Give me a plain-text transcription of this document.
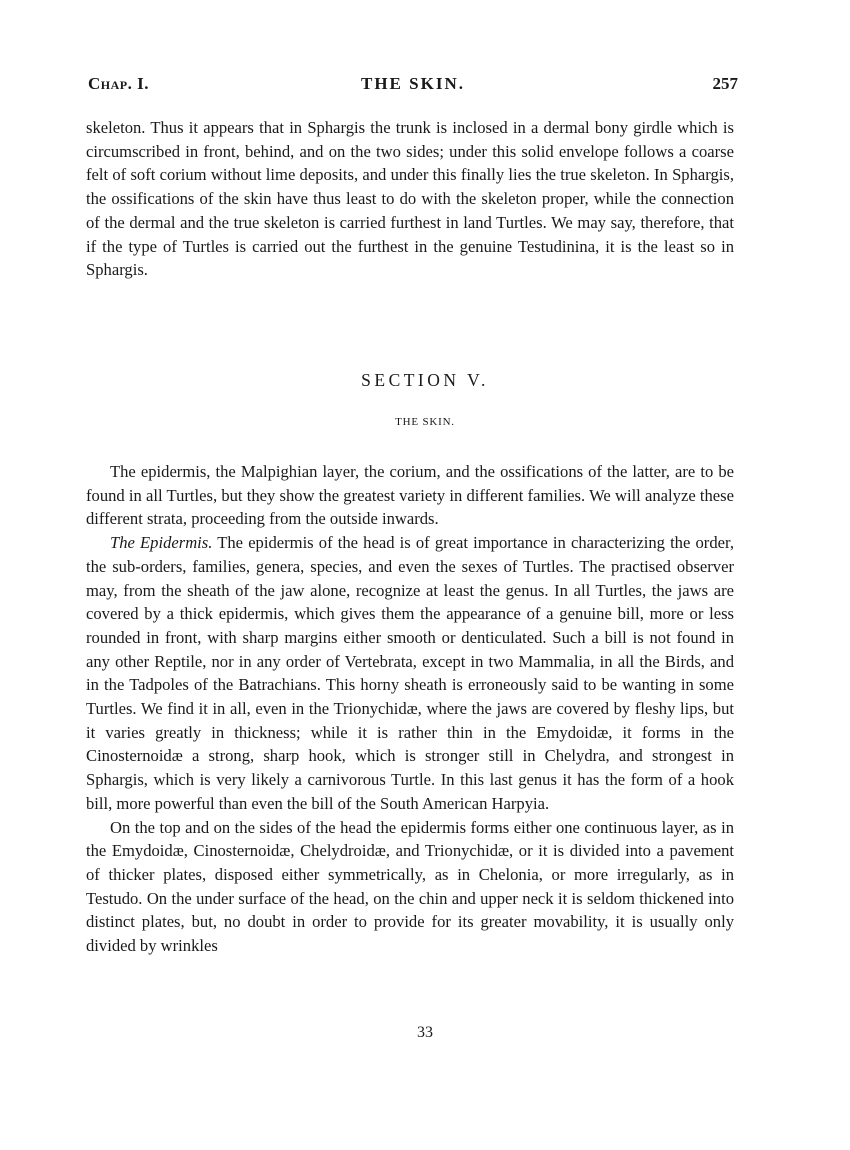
Chap. I.	THE SKIN.	257

skeleton. Thus it appears that in Sphargis the trunk is inclosed in a dermal bony girdle which is circumscribed in front, behind, and on the two sides; under this solid envelope follows a coarse felt of soft corium without lime deposits, and under this finally lies the true skeleton. In Sphargis, the ossifications of the skin have thus least to do with the skeleton proper, while the connection of the dermal and the true skeleton is carried furthest in land Turtles. We may say, therefore, that if the type of Turtles is carried out the furthest in the genuine Testudinina, it is the least so in Sphargis.

SECTION V.
THE SKIN.

The epidermis, the Malpighian layer, the corium, and the ossifications of the latter, are to be found in all Turtles, but they show the greatest variety in different families. We will analyze these different strata, proceeding from the outside inwards.

The Epidermis. The epidermis of the head is of great importance in characterizing the order, the sub-orders, families, genera, species, and even the sexes of Turtles. The practised observer may, from the sheath of the jaw alone, recognize at least the genus. In all Turtles, the jaws are covered by a thick epidermis, which gives them the appearance of a genuine bill, more or less rounded in front, with sharp margins either smooth or denticulated. Such a bill is not found in any other Reptile, nor in any order of Vertebrata, except in two Mammalia, in all the Birds, and in the Tadpoles of the Batrachians. This horny sheath is erroneously said to be wanting in some Turtles. We find it in all, even in the Trionychidæ, where the jaws are covered by fleshy lips, but it varies greatly in thickness; while it is rather thin in the Emydoidæ, it forms in the Cinosternoidæ a strong, sharp hook, which is stronger still in Chelydra, and strongest in Sphargis, which is very likely a carnivorous Turtle. In this last genus it has the form of a hook bill, more powerful than even the bill of the South American Harpyia.

On the top and on the sides of the head the epidermis forms either one continuous layer, as in the Emydoidæ, Cinosternoidæ, Chelydroidæ, and Trionychidæ, or it is divided into a pavement of thicker plates, disposed either symmetrically, as in Chelonia, or more irregularly, as in Testudo. On the under surface of the head, on the chin and upper neck it is seldom thickened into distinct plates, but, no doubt in order to provide for its greater movability, it is usually only divided by wrinkles

33
